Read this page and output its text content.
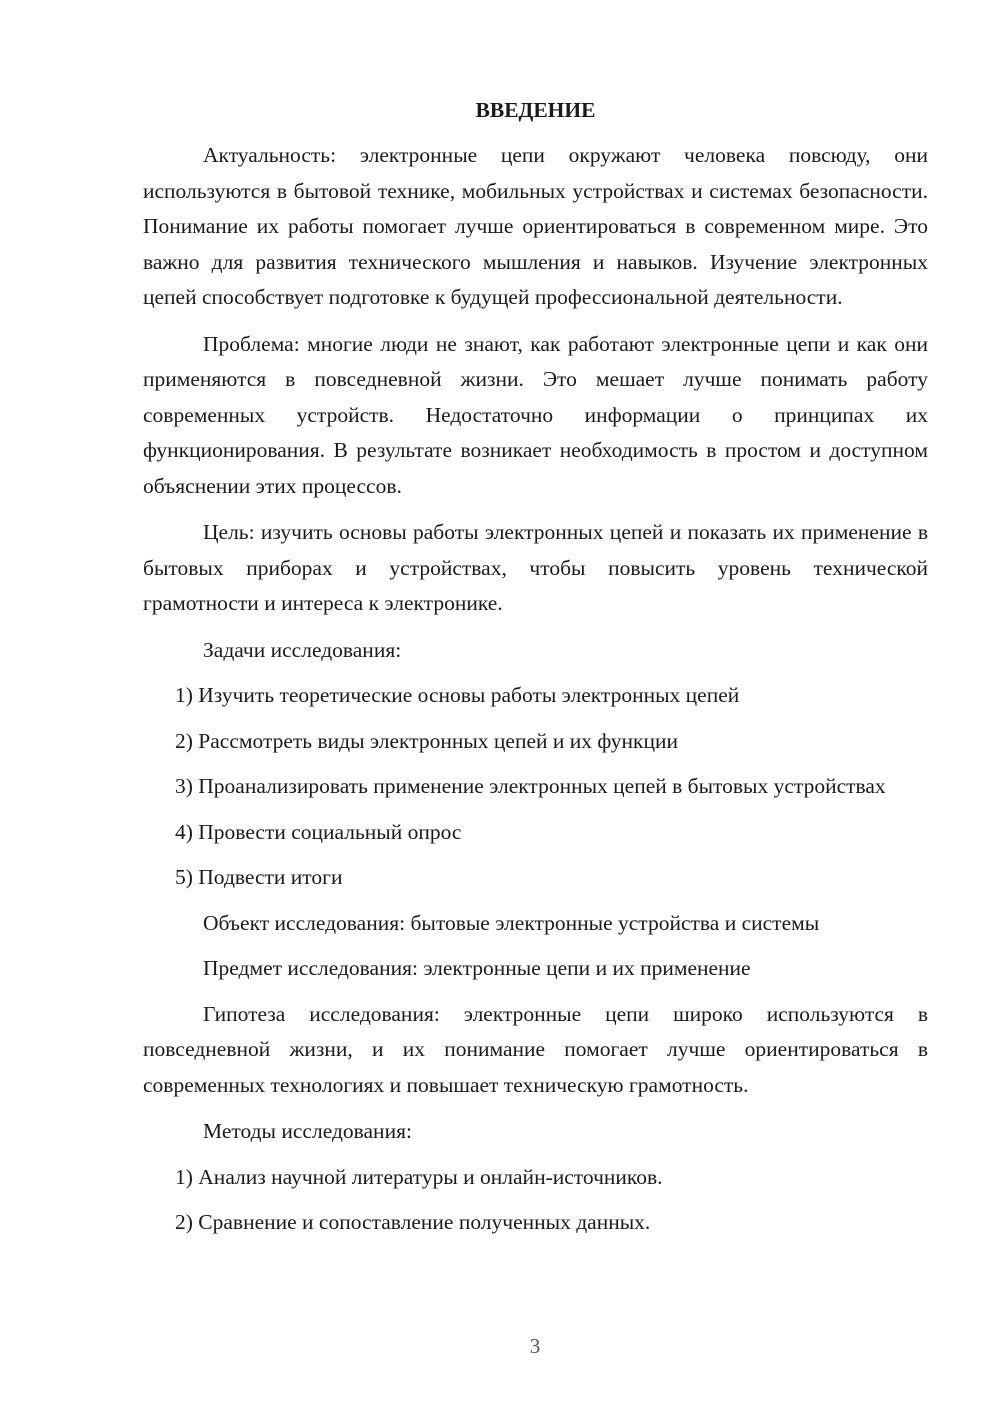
ВВЕДЕНИЕ

Актуальность: электронные цепи окружают человека повсюду, они используются в бытовой технике, мобильных устройствах и системах безопасности. Понимание их работы помогает лучше ориентироваться в современном мире. Это важно для развития технического мышления и навыков. Изучение электронных цепей способствует подготовке к будущей профессиональной деятельности.

Проблема: многие люди не знают, как работают электронные цепи и как они применяются в повседневной жизни. Это мешает лучше понимать работу современных устройств. Недостаточно информации о принципах их функционирования. В результате возникает необходимость в простом и доступном объяснении этих процессов.

Цель: изучить основы работы электронных цепей и показать их применение в бытовых приборах и устройствах, чтобы повысить уровень технической грамотности и интереса к электронике.

Задачи исследования:

1) Изучить теоретические основы работы электронных цепей

2) Рассмотреть виды электронных цепей и их функции

3) Проанализировать применение электронных цепей в бытовых устройствах

4) Провести социальный опрос

5) Подвести итоги

Объект исследования: бытовые электронные устройства и системы

Предмет исследования: электронные цепи и их применение

Гипотеза исследования: электронные цепи широко используются в повседневной жизни, и их понимание помогает лучше ориентироваться в современных технологиях и повышает техническую грамотность.

Методы исследования:

1) Анализ научной литературы и онлайн-источников.

2) Сравнение и сопоставление полученных данных.

3
